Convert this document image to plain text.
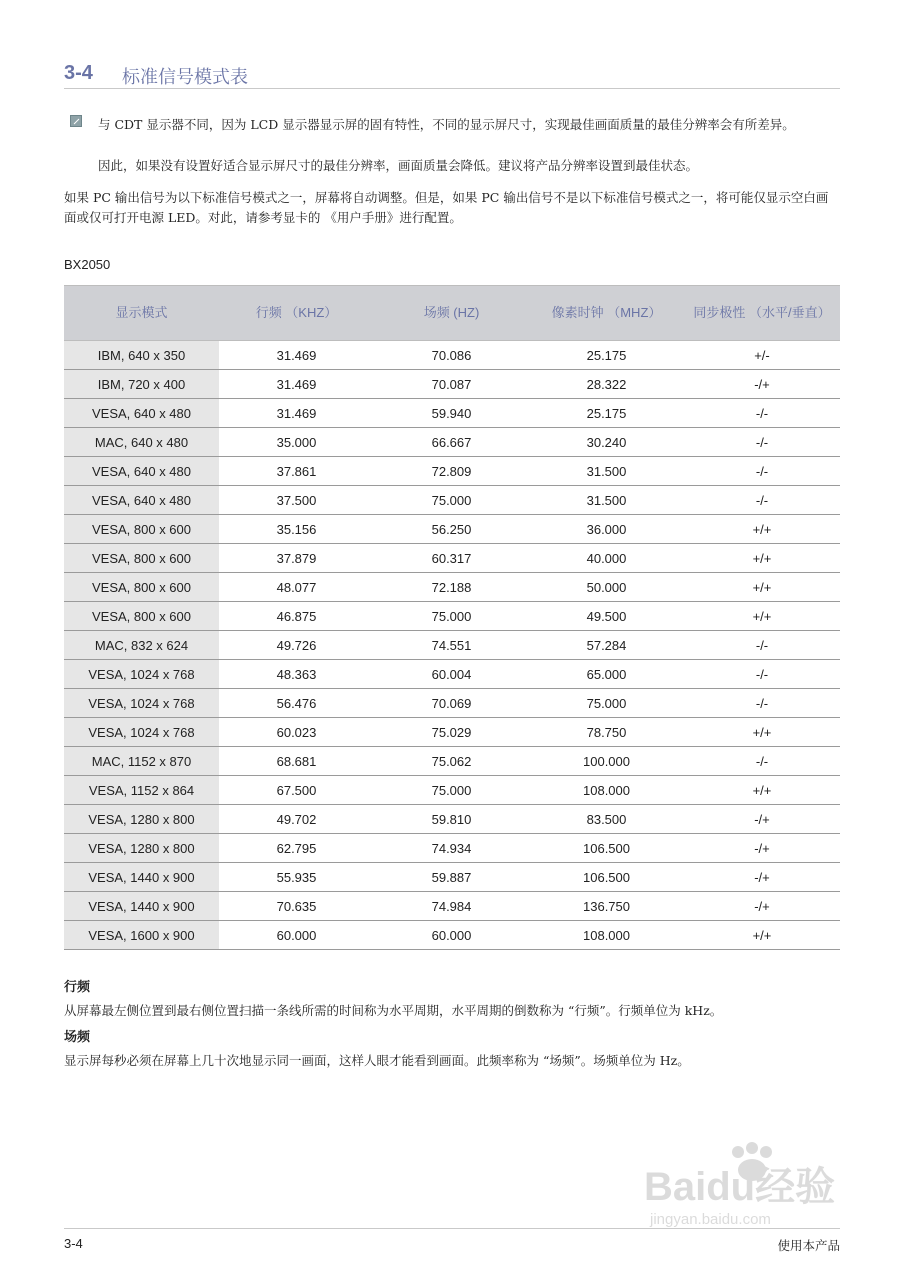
3-4 标准信号模式表
与 CDT 显示器不同，因为 LCD 显示器显示屏的固有特性，不同的显示屏尺寸，实现最佳画面质量的最佳分辨率会有所差异。
因此，如果没有设置好适合显示屏尺寸的最佳分辨率，画面质量会降低。建议将产品分辨率设置到最佳状态。
如果 PC 输出信号为以下标准信号模式之一，屏幕将自动调整。但是，如果 PC 输出信号不是以下标准信号模式之一，将可能仅显示空白画面或仅可打开电源 LED。对此，请参考显卡的 《用户手册》进行配置。
BX2050
显示模式	行频 （KHZ）	场频 (HZ)	像素时钟 （MHZ）	同步极性 （水平/垂直）
IBM, 640 x 350	31.469	70.086	25.175	+/-
IBM, 720 x 400	31.469	70.087	28.322	-/+
VESA, 640 x 480	31.469	59.940	25.175	-/-
MAC, 640 x 480	35.000	66.667	30.240	-/-
VESA, 640 x 480	37.861	72.809	31.500	-/-
VESA, 640 x 480	37.500	75.000	31.500	-/-
VESA, 800 x 600	35.156	56.250	36.000	+/+
VESA, 800 x 600	37.879	60.317	40.000	+/+
VESA, 800 x 600	48.077	72.188	50.000	+/+
VESA, 800 x 600	46.875	75.000	49.500	+/+
MAC, 832 x 624	49.726	74.551	57.284	-/-
VESA, 1024 x 768	48.363	60.004	65.000	-/-
VESA, 1024 x 768	56.476	70.069	75.000	-/-
VESA, 1024 x 768	60.023	75.029	78.750	+/+
MAC, 1152 x 870	68.681	75.062	100.000	-/-
VESA, 1152 x 864	67.500	75.000	108.000	+/+
VESA, 1280 x 800	49.702	59.810	83.500	-/+
VESA, 1280 x 800	62.795	74.934	106.500	-/+
VESA, 1440 x 900	55.935	59.887	106.500	-/+
VESA, 1440 x 900	70.635	74.984	136.750	-/+
VESA, 1600 x 900	60.000	60.000	108.000	+/+
行频
从屏幕最左侧位置到最右侧位置扫描一条线所需的时间称为水平周期，水平周期的倒数称为 “行频”。行频单位为 kHz。
场频
显示屏每秒必须在屏幕上几十次地显示同一画面，这样人眼才能看到画面。此频率称为 “场频”。场频单位为 Hz。
Baidu经验
jingyan.baidu.com
3-4	使用本产品
